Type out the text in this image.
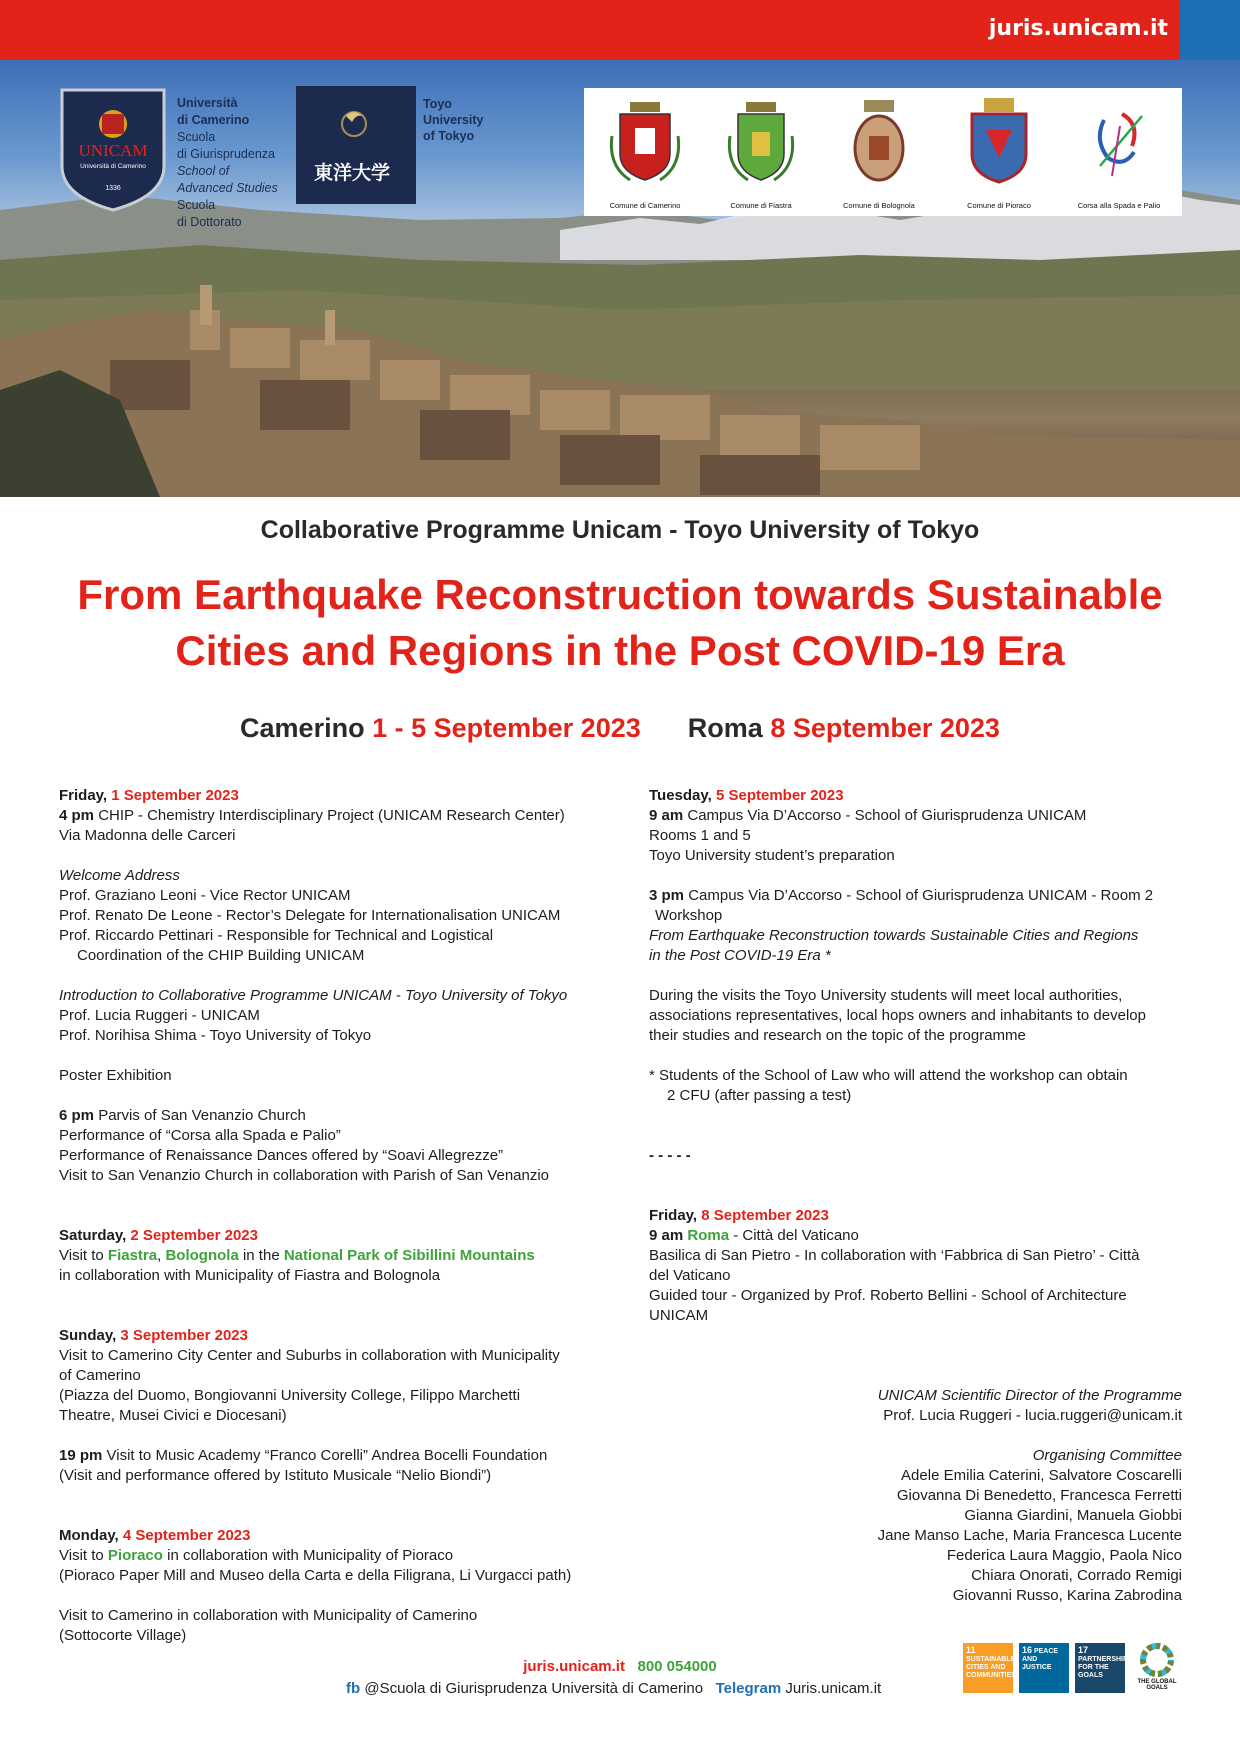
juris.unicam.it
UNICAM
Università di Camerino
1336
Università
di Camerino
Scuola
di Giurisprudenza
School of
Advanced Studies
Scuola
di Dottorato
東洋大学
Toyo
University
of Tokyo
Comune di Camerino	Comune di Fiastra	Comune di Bolognola	Comune di Pioraco	Corsa alla Spada e Palio
Collaborative Programme Unicam - Toyo University of Tokyo
From Earthquake Reconstruction towards Sustainable
Cities and Regions in the Post COVID-19 Era
Camerino 1 - 5 September 2023 Roma 8 September 2023
Friday, 1 September 2023
4 pm CHIP - Chemistry Interdisciplinary Project (UNICAM Research Center)
Via Madonna delle Carceri
Welcome Address
Prof. Graziano Leoni - Vice Rector UNICAM
Prof. Renato De Leone - Rector’s Delegate for Internationalisation UNICAM
Prof. Riccardo Pettinari - Responsible for Technical and Logistical
Coordination of the CHIP Building UNICAM
Introduction to Collaborative Programme UNICAM - Toyo University of Tokyo
Prof. Lucia Ruggeri - UNICAM
Prof. Norihisa Shima - Toyo University of Tokyo
Poster Exhibition
6 pm Parvis of San Venanzio Church
Performance of “Corsa alla Spada e Palio”
Performance of Renaissance Dances offered by “Soavi Allegrezze”
Visit to San Venanzio Church in collaboration with Parish of San Venanzio
Saturday, 2 September 2023
Visit to Fiastra, Bolognola in the National Park of Sibillini Mountains
in collaboration with Municipality of Fiastra and Bolognola
Sunday, 3 September 2023
Visit to Camerino City Center and Suburbs in collaboration with Municipality
of Camerino
(Piazza del Duomo, Bongiovanni University College, Filippo Marchetti
Theatre, Musei Civici e Diocesani)
19 pm Visit to Music Academy “Franco Corelli” Andrea Bocelli Foundation
(Visit and performance offered by Istituto Musicale “Nelio Biondi”)
Monday, 4 September 2023
Visit to Pioraco in collaboration with Municipality of Pioraco
(Pioraco Paper Mill and Museo della Carta e della Filigrana, Li Vurgacci path)
Visit to Camerino in collaboration with Municipality of Camerino
(Sottocorte Village)
Tuesday, 5 September 2023
9 am Campus Via D’Accorso - School of Giurisprudenza UNICAM
Rooms 1 and 5
Toyo University student’s preparation
3 pm Campus Via D’Accorso - School of Giurisprudenza UNICAM - Room 2
Workshop
From Earthquake Reconstruction towards Sustainable Cities and Regions
in the Post COVID-19 Era *
During the visits the Toyo University students will meet local authorities,
associations representatives, local hops owners and inhabitants to develop
their studies and research on the topic of the programme
* Students of the School of Law who will attend the workshop can obtain
2 CFU (after passing a test)
- - - - -
Friday, 8 September 2023
9 am Roma - Città del Vaticano
Basilica di San Pietro - In collaboration with ‘Fabbrica di San Pietro’ - Città
del Vaticano
Guided tour - Organized by Prof. Roberto Bellini - School of Architecture
UNICAM
UNICAM Scientific Director of the Programme
Prof. Lucia Ruggeri - lucia.ruggeri@unicam.it
Organising Committee
Adele Emilia Caterini, Salvatore Coscarelli
Giovanna Di Benedetto, Francesca Ferretti
Gianna Giardini, Manuela Giobbi
Jane Manso Lache, Maria Francesca Lucente
Federica Laura Maggio, Paola Nico
Chiara Onorati, Corrado Remigi
Giovanni Russo, Karina Zabrodina
juris.unicam.it 800 054000
fb @Scuola di Giurisprudenza Università di Camerino Telegram Juris.unicam.it
11 SUSTAINABLE CITIES AND COMMUNITIES
16 PEACE AND JUSTICE
17 PARTNERSHIPS FOR THE GOALS
THE GLOBAL GOALS
